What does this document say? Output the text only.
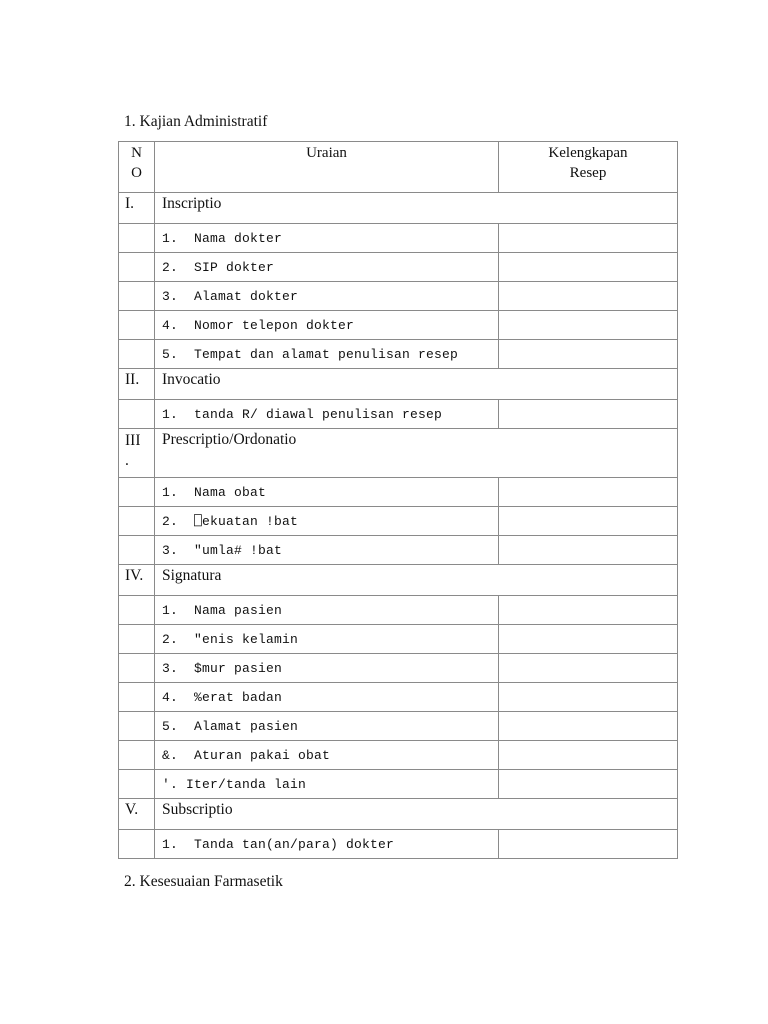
1. Kajian Administratif
N
O	Uraian	Kelengkapan
Resep

I.	Inscriptio	
	1.  Nama dokter	
	2.  SIP dokter	
	3.  Alamat dokter	
	4.  Nomor telepon dokter	
	5.  Tempat dan alamat penulisan resep	
II.	Invocatio	
	1.  tanda R/ diawal penulisan resep	

III
.	Prescriptio/Ordonatio	
	1.  Nama obat	
	2.  ⎕ekuatan !bat	
	3.  "umla# !bat	
IV.	Signatura	
	1.  Nama pasien	
	2.  "enis kelamin	
	3.  $mur pasien	
	4.  %erat badan	
	5.  Alamat pasien	
	&.  Aturan pakai obat	
	'. Iter/tanda lain	
V.	Subscriptio	
	1.  Tanda tan(an/para) dokter	
2. Kesesuaian Farmasetik
